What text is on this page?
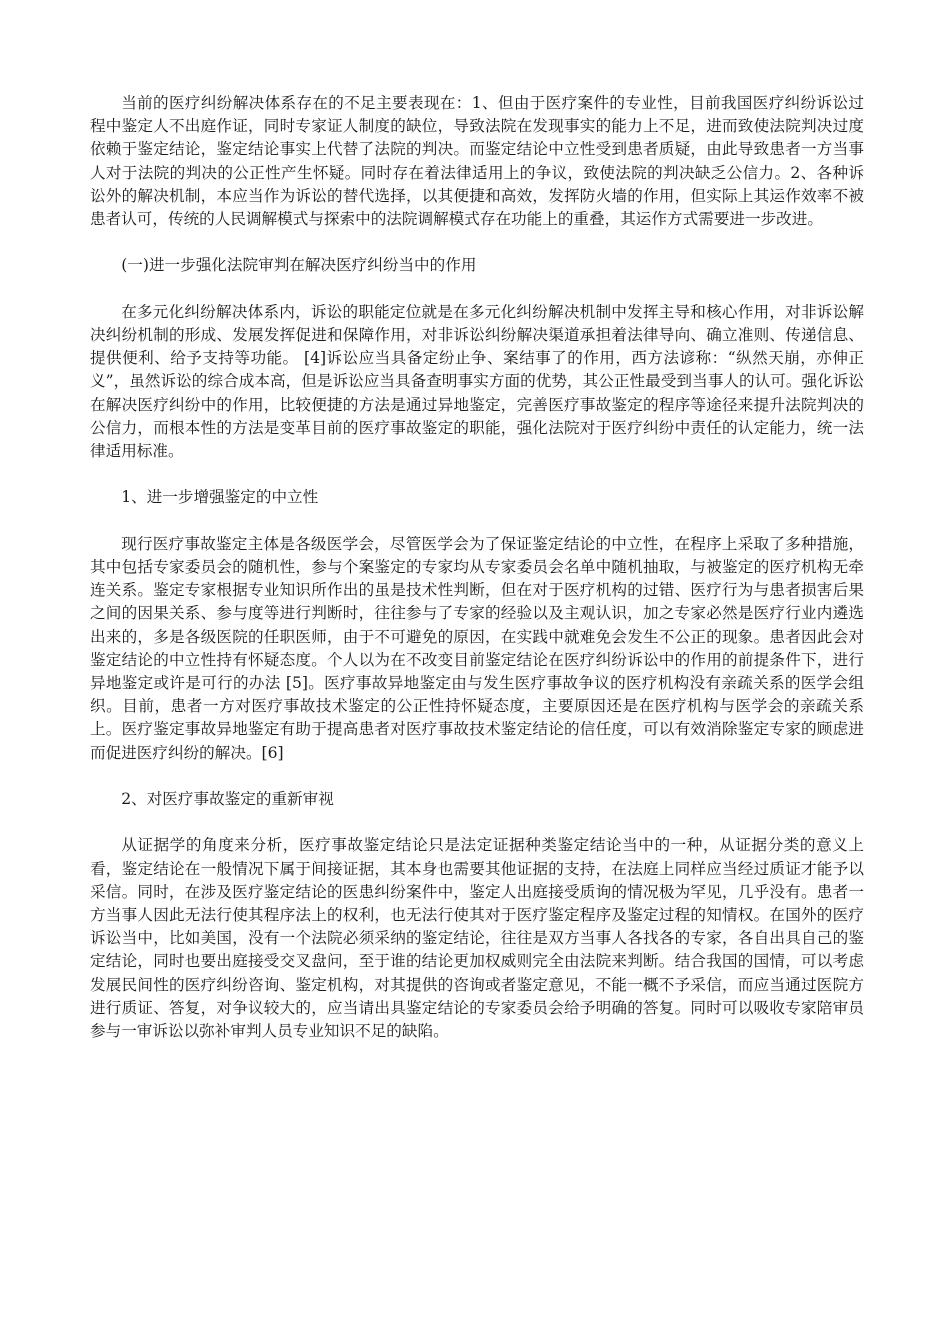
当前的医疗纠纷解决体系存在的不足主要表现在：1、但由于医疗案件的专业性，目前我国医疗纠纷诉讼过程中鉴定人不出庭作证，同时专家证人制度的缺位，导致法院在发现事实的能力上不足，进而致使法院判决过度依赖于鉴定结论，鉴定结论事实上代替了法院的判决。而鉴定结论中立性受到患者质疑，由此导致患者一方当事人对于法院的判决的公正性产生怀疑。同时存在着法律适用上的争议，致使法院的判决缺乏公信力。2、各种诉讼外的解决机制，本应当作为诉讼的替代选择，以其便捷和高效，发挥防火墙的作用，但实际上其运作效率不被患者认可，传统的人民调解模式与探索中的法院调解模式存在功能上的重叠，其运作方式需要进一步改进。

(一)进一步强化法院审判在解决医疗纠纷当中的作用

在多元化纠纷解决体系内，诉讼的职能定位就是在多元化纠纷解决机制中发挥主导和核心作用，对非诉讼解决纠纷机制的形成、发展发挥促进和保障作用，对非诉讼纠纷解决渠道承担着法律导向、确立准则、传递信息、提供便利、给予支持等功能。 [4]诉讼应当具备定纷止争、案结事了的作用，西方法谚称：“纵然天崩，亦伸正义”，虽然诉讼的综合成本高，但是诉讼应当具备查明事实方面的优势，其公正性最受到当事人的认可。强化诉讼在解决医疗纠纷中的作用，比较便捷的方法是通过异地鉴定，完善医疗事故鉴定的程序等途径来提升法院判决的公信力，而根本性的方法是变革目前的医疗事故鉴定的职能，强化法院对于医疗纠纷中责任的认定能力，统一法律适用标准。

1、进一步增强鉴定的中立性

现行医疗事故鉴定主体是各级医学会，尽管医学会为了保证鉴定结论的中立性，在程序上采取了多种措施，其中包括专家委员会的随机性，参与个案鉴定的专家均从专家委员会名单中随机抽取，与被鉴定的医疗机构无牵连关系。鉴定专家根据专业知识所作出的虽是技术性判断，但在对于医疗机构的过错、医疗行为与患者损害后果之间的因果关系、参与度等进行判断时，往往参与了专家的经验以及主观认识，加之专家必然是医疗行业内遴选出来的，多是各级医院的任职医师，由于不可避免的原因，在实践中就难免会发生不公正的现象。患者因此会对鉴定结论的中立性持有怀疑态度。个人以为在不改变目前鉴定结论在医疗纠纷诉讼中的作用的前提条件下，进行异地鉴定或许是可行的办法 [5]。医疗事故异地鉴定由与发生医疗事故争议的医疗机构没有亲疏关系的医学会组织。目前，患者一方对医疗事故技术鉴定的公正性持怀疑态度，主要原因还是在医疗机构与医学会的亲疏关系上。医疗鉴定事故异地鉴定有助于提高患者对医疗事故技术鉴定结论的信任度，可以有效消除鉴定专家的顾虑进而促进医疗纠纷的解决。[6]

2、对医疗事故鉴定的重新审视

从证据学的角度来分析，医疗事故鉴定结论只是法定证据种类鉴定结论当中的一种，从证据分类的意义上看，鉴定结论在一般情况下属于间接证据，其本身也需要其他证据的支持，在法庭上同样应当经过质证才能予以采信。同时，在涉及医疗鉴定结论的医患纠纷案件中，鉴定人出庭接受质询的情况极为罕见，几乎没有。患者一方当事人因此无法行使其程序法上的权利，也无法行使其对于医疗鉴定程序及鉴定过程的知情权。在国外的医疗诉讼当中，比如美国，没有一个法院必须采纳的鉴定结论，往往是双方当事人各找各的专家，各自出具自己的鉴定结论，同时也要出庭接受交叉盘问，至于谁的结论更加权威则完全由法院来判断。结合我国的国情，可以考虑发展民间性的医疗纠纷咨询、鉴定机构，对其提供的咨询或者鉴定意见，不能一概不予采信，而应当通过医院方进行质证、答复，对争议较大的，应当请出具鉴定结论的专家委员会给予明确的答复。同时可以吸收专家陪审员参与一审诉讼以弥补审判人员专业知识不足的缺陷。
